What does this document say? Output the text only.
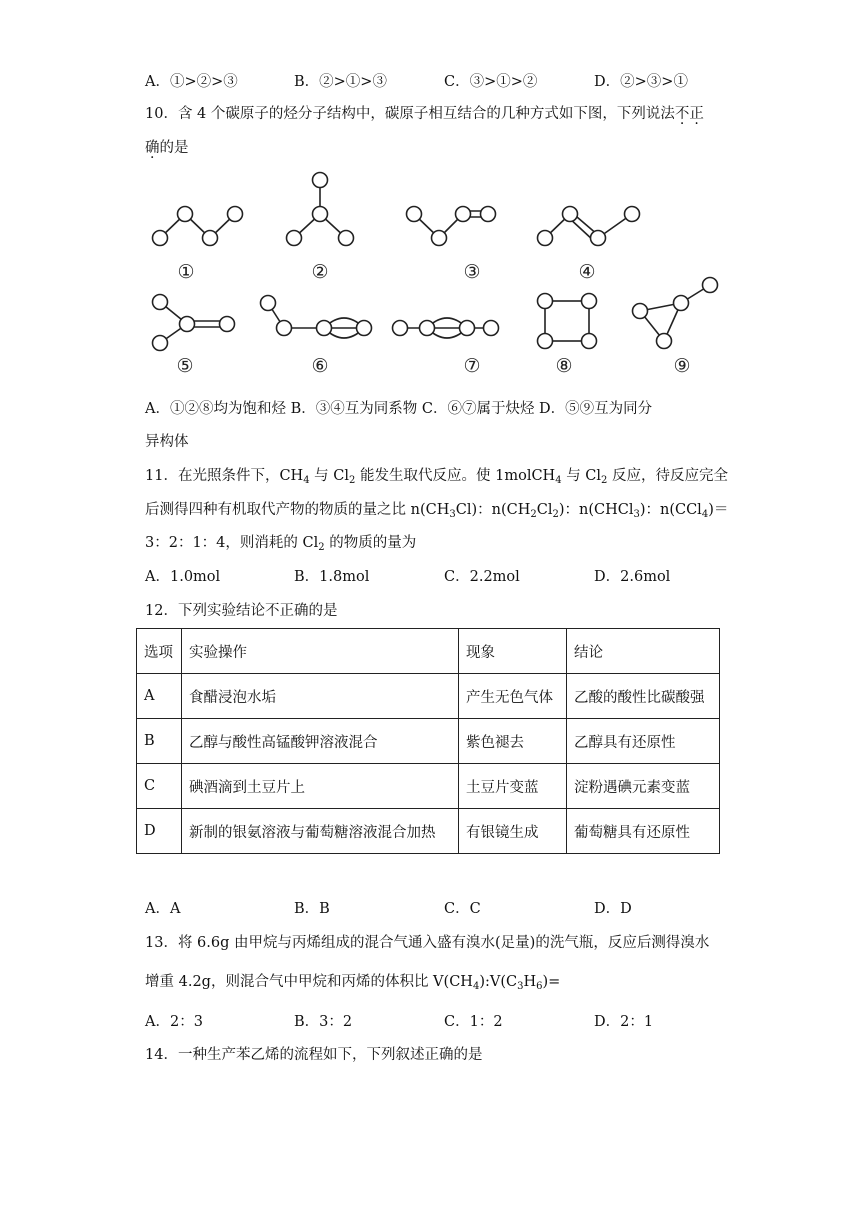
A．①>②>③	B．②>①>③	C．③>①>②	D．②>③>①
10．含 4 个碳原子的烃分子结构中，碳原子相互结合的几种方式如下图，下列说法不正
确的是
①	②	③	④
⑤	⑥	⑦	⑧	⑨
A．①②⑧均为饱和烃 B．③④互为同系物 C．⑥⑦属于炔烃 D．⑤⑨互为同分
异构体
11．在光照条件下，$CH_4$ 与 $Cl_2$ 能发生取代反应。使 1molCH$_4$ 与 $Cl_2$ 反应，待反应完全
后测得四种有机取代产物的物质的量之比 $n(CH_3Cl)$：$n(CH_2Cl_2)$：n(CHCl$_3$)：n(CCl$_4$)＝
3：2：1：4，则消耗的 $Cl_2$ 的物质的量为
A．1.0mol	B．1.8mol	C．2.2mol	D．2.6mol
12．下列实验结论不正确的是
选项	实验操作	现象	结论
A	食醋浸泡水垢	产生无色气体	乙酸的酸性比碳酸强
B	乙醇与酸性高锰酸钾溶液混合	紫色褪去	乙醇具有还原性
C	碘酒滴到土豆片上	土豆片变蓝	淀粉遇碘元素变蓝
D	新制的银氨溶液与葡萄糖溶液混合加热	有银镜生成	葡萄糖具有还原性
A．A	B．B	C．C	D．D
13．将 6.6g 由甲烷与丙烯组成的混合气通入盛有溴水(足量)的洗气瓶，反应后测得溴水
增重 4.2g，则混合气中甲烷和丙烯的体积比 $V(CH_4):V(C_3H_6)=$
A．2：3	B．3：2	C．1：2	D．2：1
14．一种生产苯乙烯的流程如下，下列叙述正确的是
